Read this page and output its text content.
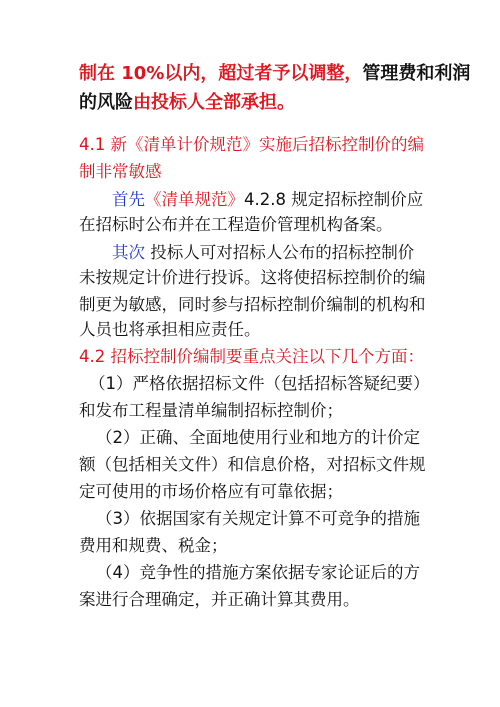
制在 10%以内，超过者予以调整，管理费和利润
的风险由投标人全部承担。
4.1 新《清单计价规范》实施后招标控制价的编
制非常敏感
首先《清单规范》4.2.8 规定招标控制价应
在招标时公布并在工程造价管理机构备案。
其次 投标人可对招标人公布的招标控制价
未按规定计价进行投诉。这将使招标控制价的编
制更为敏感，同时参与招标控制价编制的机构和
人员也将承担相应责任。
4.2 招标控制价编制要重点关注以下几个方面：
（1）严格依据招标文件（包括招标答疑纪要）
和发布工程量清单编制招标控制价；
（2）正确、全面地使用行业和地方的计价定
额（包括相关文件）和信息价格，对招标文件规
定可使用的市场价格应有可靠依据；
（3）依据国家有关规定计算不可竞争的措施
费用和规费、税金；
（4）竞争性的措施方案依据专家论证后的方
案进行合理确定，并正确计算其费用。
